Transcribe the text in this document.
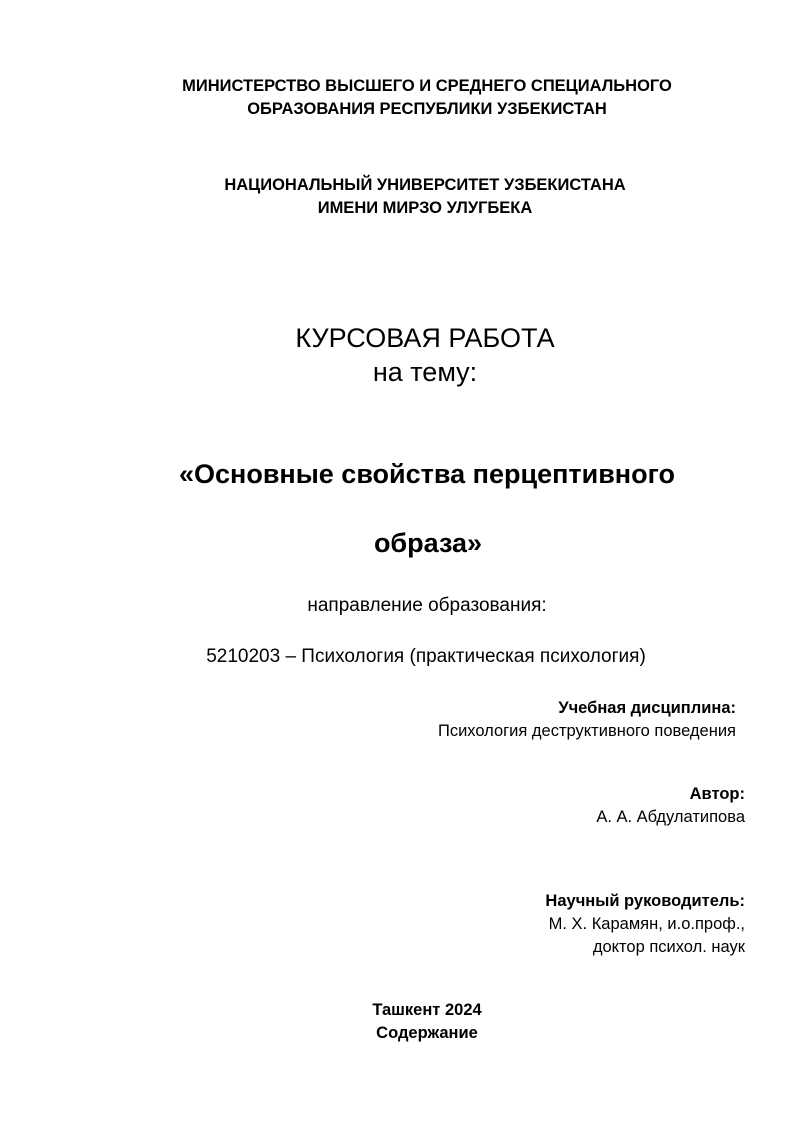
МИНИСТЕРСТВО ВЫСШЕГО И СРЕДНЕГО СПЕЦИАЛЬНОГО
ОБРАЗОВАНИЯ РЕСПУБЛИКИ УЗБЕКИСТАН
НАЦИОНАЛЬНЫЙ УНИВЕРСИТЕТ УЗБЕКИСТАНА
ИМЕНИ МИРЗО УЛУГБЕКА
КУРСОВАЯ РАБОТА
на тему:
«Основные свойства перцептивного
образа»
направление образования:
5210203 – Психология (практическая психология)
Учебная дисциплина:
Психология деструктивного поведения
Автор:
А. А. Абдулатипова
Научный руководитель:
М. Х. Карамян, и.о.проф.,
доктор психол. наук
Ташкент 2024
Содержание
